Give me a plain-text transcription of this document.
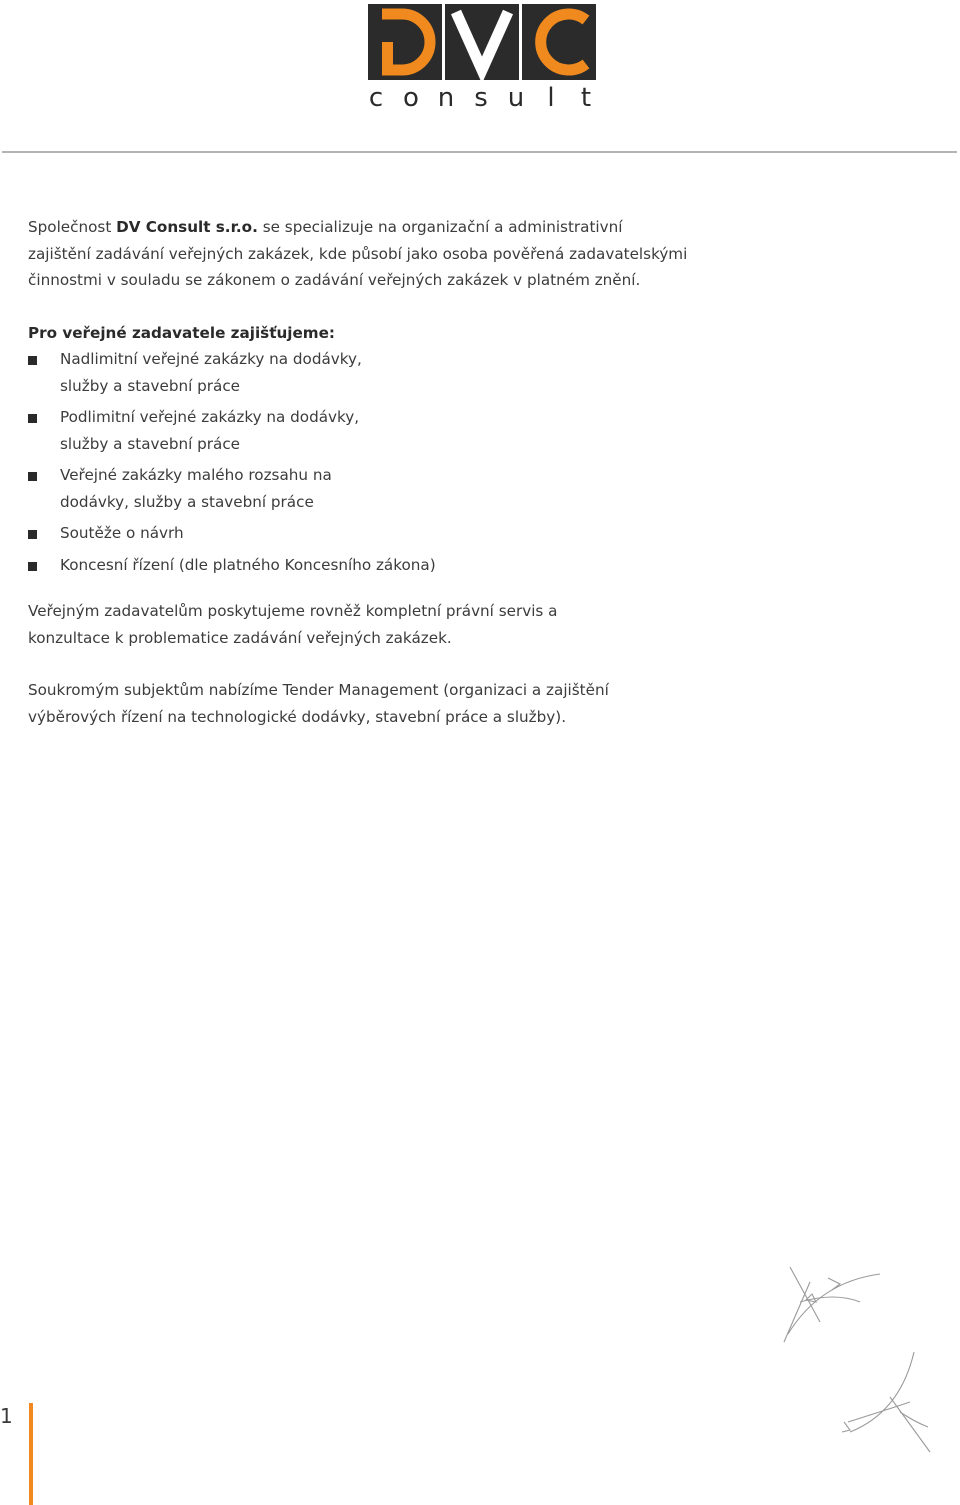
c o n s u l t

Společnost DV Consult s.r.o. se specializuje na organizační a administrativní zajištění zadávání veřejných zakázek, kde působí jako osoba pověřená zadavatelskými činnostmi v souladu se zákonem o zadávání veřejných zakázek v platném znění.

Pro veřejné zadavatele zajišťujeme:

Nadlimitní veřejné zakázky na dodávky, služby a stavební práce
Podlimitní veřejné zakázky na dodávky, služby a stavební práce
Veřejné zakázky malého rozsahu na dodávky, služby a stavební práce
Soutěže o návrh
Koncesní řízení (dle platného Koncesního zákona)

Veřejným zadavatelům poskytujeme rovněž kompletní právní servis a konzultace k problematice zadávání veřejných zakázek.

Soukromým subjektům nabízíme Tender Management (organizaci a zajištění výběrových řízení na technologické dodávky, stavební práce a služby).

1
